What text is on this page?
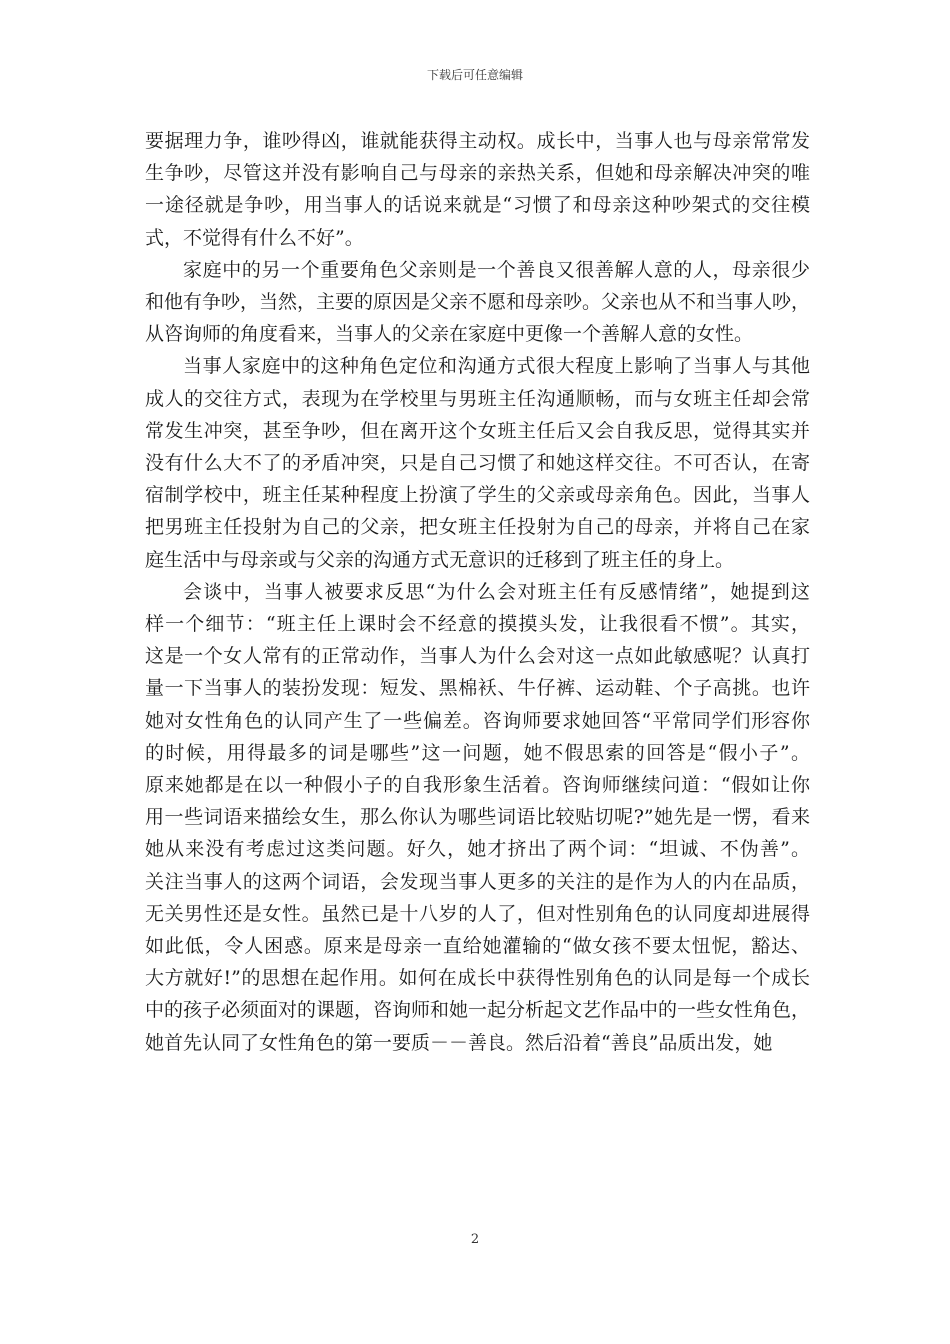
下载后可任意编辑

要据理力争，谁吵得凶，谁就能获得主动权。成长中，当事人也与母亲常常发
生争吵，尽管这并没有影响自己与母亲的亲热关系，但她和母亲解决冲突的唯
一途径就是争吵，用当事人的话说来就是“习惯了和母亲这种吵架式的交往模
式，不觉得有什么不好”。

家庭中的另一个重要角色父亲则是一个善良又很善解人意的人，母亲很少
和他有争吵，当然，主要的原因是父亲不愿和母亲吵。父亲也从不和当事人吵，
从咨询师的角度看来，当事人的父亲在家庭中更像一个善解人意的女性。

当事人家庭中的这种角色定位和沟通方式很大程度上影响了当事人与其他
成人的交往方式，表现为在学校里与男班主任沟通顺畅，而与女班主任却会常
常发生冲突，甚至争吵，但在离开这个女班主任后又会自我反思，觉得其实并
没有什么大不了的矛盾冲突，只是自己习惯了和她这样交往。不可否认，在寄
宿制学校中，班主任某种程度上扮演了学生的父亲或母亲角色。因此，当事人
把男班主任投射为自己的父亲，把女班主任投射为自己的母亲，并将自己在家
庭生活中与母亲或与父亲的沟通方式无意识的迁移到了班主任的身上。

会谈中，当事人被要求反思“为什么会对班主任有反感情绪”，她提到这
样一个细节：“班主任上课时会不经意的摸摸头发，让我很看不惯”。其实，
这是一个女人常有的正常动作，当事人为什么会对这一点如此敏感呢？认真打
量一下当事人的装扮发现：短发、黑棉袄、牛仔裤、运动鞋、个子高挑。也许
她对女性角色的认同产生了一些偏差。咨询师要求她回答“平常同学们形容你
的时候，用得最多的词是哪些”这一问题，她不假思索的回答是“假小子”。
原来她都是在以一种假小子的自我形象生活着。咨询师继续问道：“假如让你
用一些词语来描绘女生，那么你认为哪些词语比较贴切呢?”她先是一愣，看来
她从来没有考虑过这类问题。好久，她才挤出了两个词：“坦诚、不伪善”。
关注当事人的这两个词语，会发现当事人更多的关注的是作为人的内在品质，
无关男性还是女性。虽然已是十八岁的人了，但对性别角色的认同度却进展得
如此低，令人困惑。原来是母亲一直给她灌输的“做女孩不要太忸怩，豁达、
大方就好!”的思想在起作用。如何在成长中获得性别角色的认同是每一个成长
中的孩子必须面对的课题，咨询师和她一起分析起文艺作品中的一些女性角色，
她首先认同了女性角色的第一要质－－善良。然后沿着“善良”品质出发，她

2
